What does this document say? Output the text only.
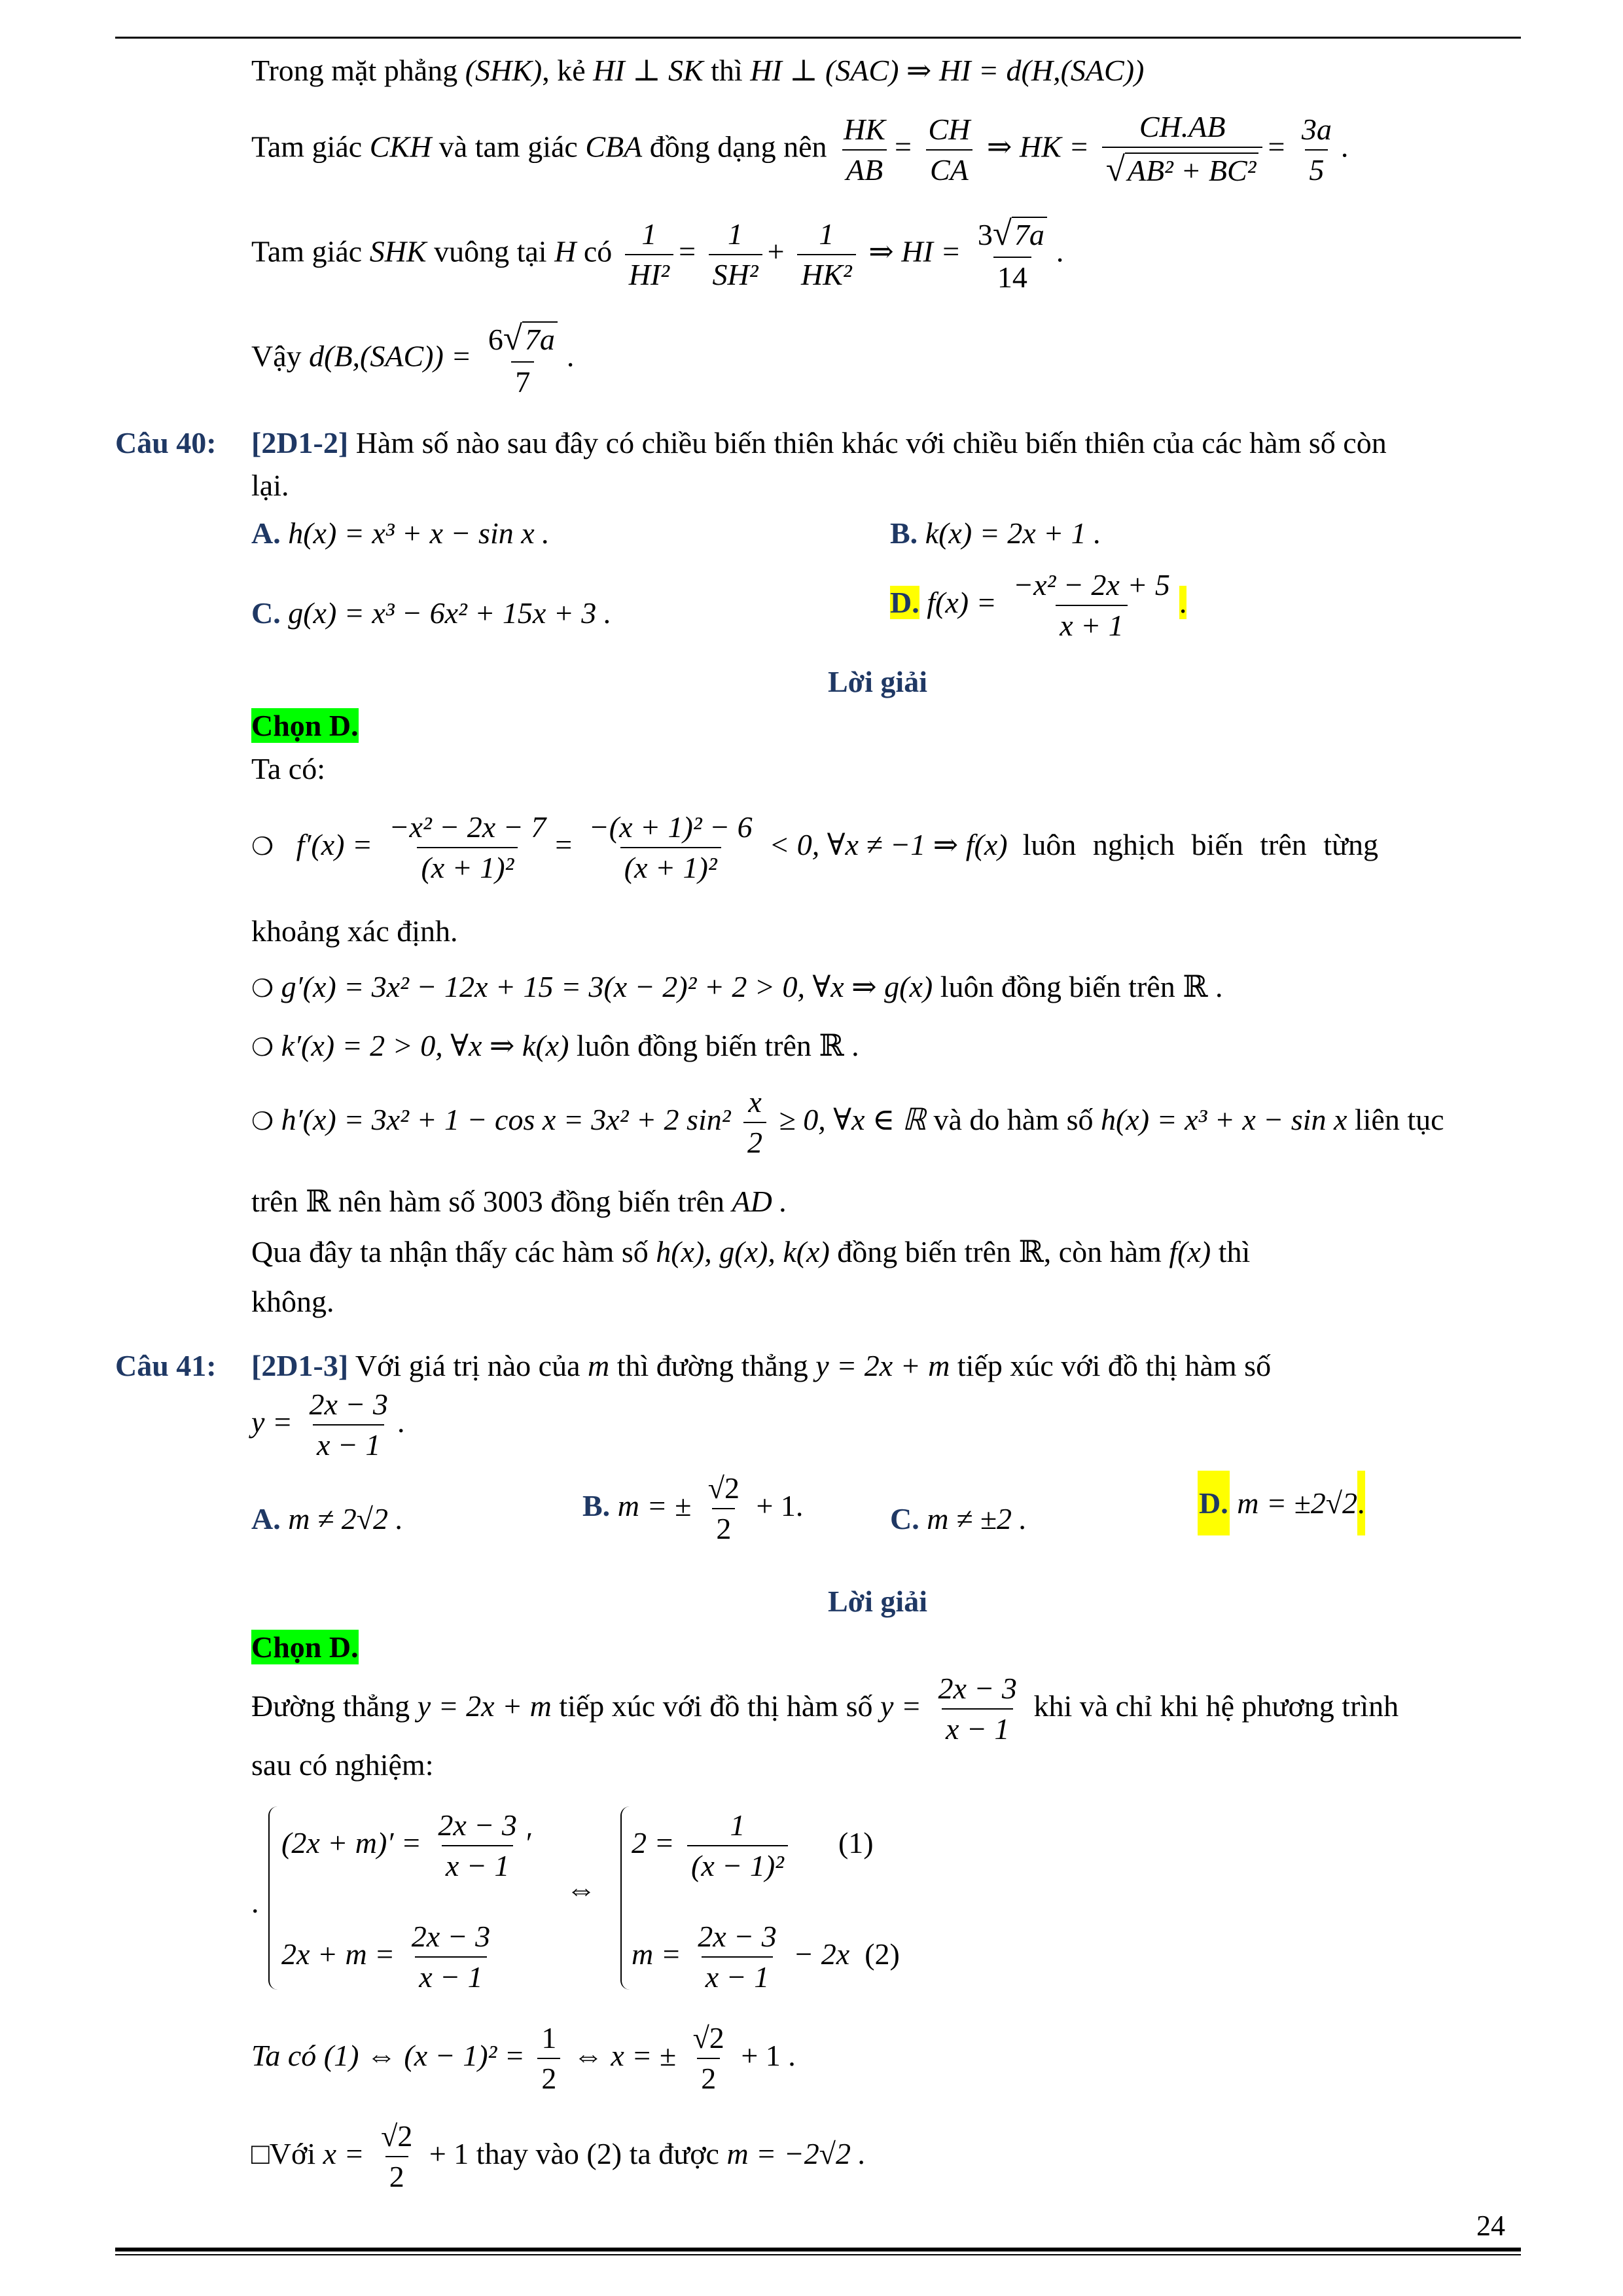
Trong mặt phẳng (SHK), kẻ HI ⊥ SK thì HI ⊥ (SAC) ⇒ HI = d(H,(SAC))
Tam giác CKH và tam giác CBA đồng dạng nên $\frac{HK}{AB} = \frac{CH}{CA}$ ⇒ HK = $\frac{CH.AB}{\text{√AB² + BC²}} = \frac{3a}{5}$ .
Tam giác SHK vuông tại H có $\frac{1}{\text{HI²}} = \frac{1}{\text{SH²}} + \frac{1}{\text{HK²}}$ ⇒ HI = $\frac{3√7a}{14}$ .
Vậy $d(B,(SAC)) = \frac{6√7a}{7}$ .
Câu 40: [2D1-2] Hàm số nào sau đây có chiều biến thiên khác với chiều biến thiên của các hàm số còn
lại.
A. h(x) = x³ + x − sin x .	B. k(x) = 2x + 1 .
C. g(x) = x³ − 6x² + 15x + 3 .	D. $f(x) = \frac{\text{−x² − 2x + 5}}{x + 1}$ .
Lời giải
Chọn D.
Ta có:
❍ $f'(x) = \frac{\text{−x² − 2x − 7}}{\text{(x + 1)²}} = \frac{\text{−(x + 1)² − 6}}{\text{(x + 1)²}} < 0$, ∀x ≠ −1 ⇒ f(x) luôn nghịch biến trên từng
khoảng xác định.
❍ g′(x) = 3x² − 12x + 15 = 3(x − 2)² + 2 > 0, ∀x ⇒ g(x) luôn đồng biến trên ℝ .
❍ k′(x) = 2 > 0, ∀x ⇒ k(x) luôn đồng biến trên ℝ .
❍ h′(x) = 3x² + 1 − cos x = 3x² + 2 $\sin^2 \frac{x}{2} \ge 0$, ∀x ∈ ℝ và do hàm số h(x) = x³ + x − sin x liên tục
trên ℝ nên hàm số 3003 đồng biến trên AD .
Qua đây ta nhận thấy các hàm số h(x), g(x), k(x) đồng biến trên ℝ, còn hàm f(x) thì
không.
Câu 41: [2D1-3] Với giá trị nào của m thì đường thẳng y = 2x + m tiếp xúc với đồ thị hàm số
$y = \frac{2x - 3}{x - 1}$ .
A. m ≠ 2√2 .	B. m = ± $\frac{√2}{2} + 1$.	C. m ≠ ±2 .	D. m = ±2√2.
Lời giải
Chọn D.
Đường thẳng y = 2x + m tiếp xúc với đồ thị hàm số $y = \frac{2x - 3}{x - 1}$ khi và chỉ khi hệ phương trình
sau có nghiệm:
.
$(2x + m)' = \frac{2x - 3}{x - 1}$ ′
$2x + m = \frac{2x - 3}{x - 1}$
⇔
$2 = \frac{1}{\text{(x − 1)²}} (1)$
$m = \frac{2x - 3}{x - 1} - 2x$ (2)
Ta có (1) ⇔ $(x - 1)^2 = \frac{1}{2}$ ⇔ x = ± $\frac{√2}{2} + 1$ .
□Với $x = \frac{√2}{2} + 1$ thay vào (2) ta được m = −2√2 .
24
